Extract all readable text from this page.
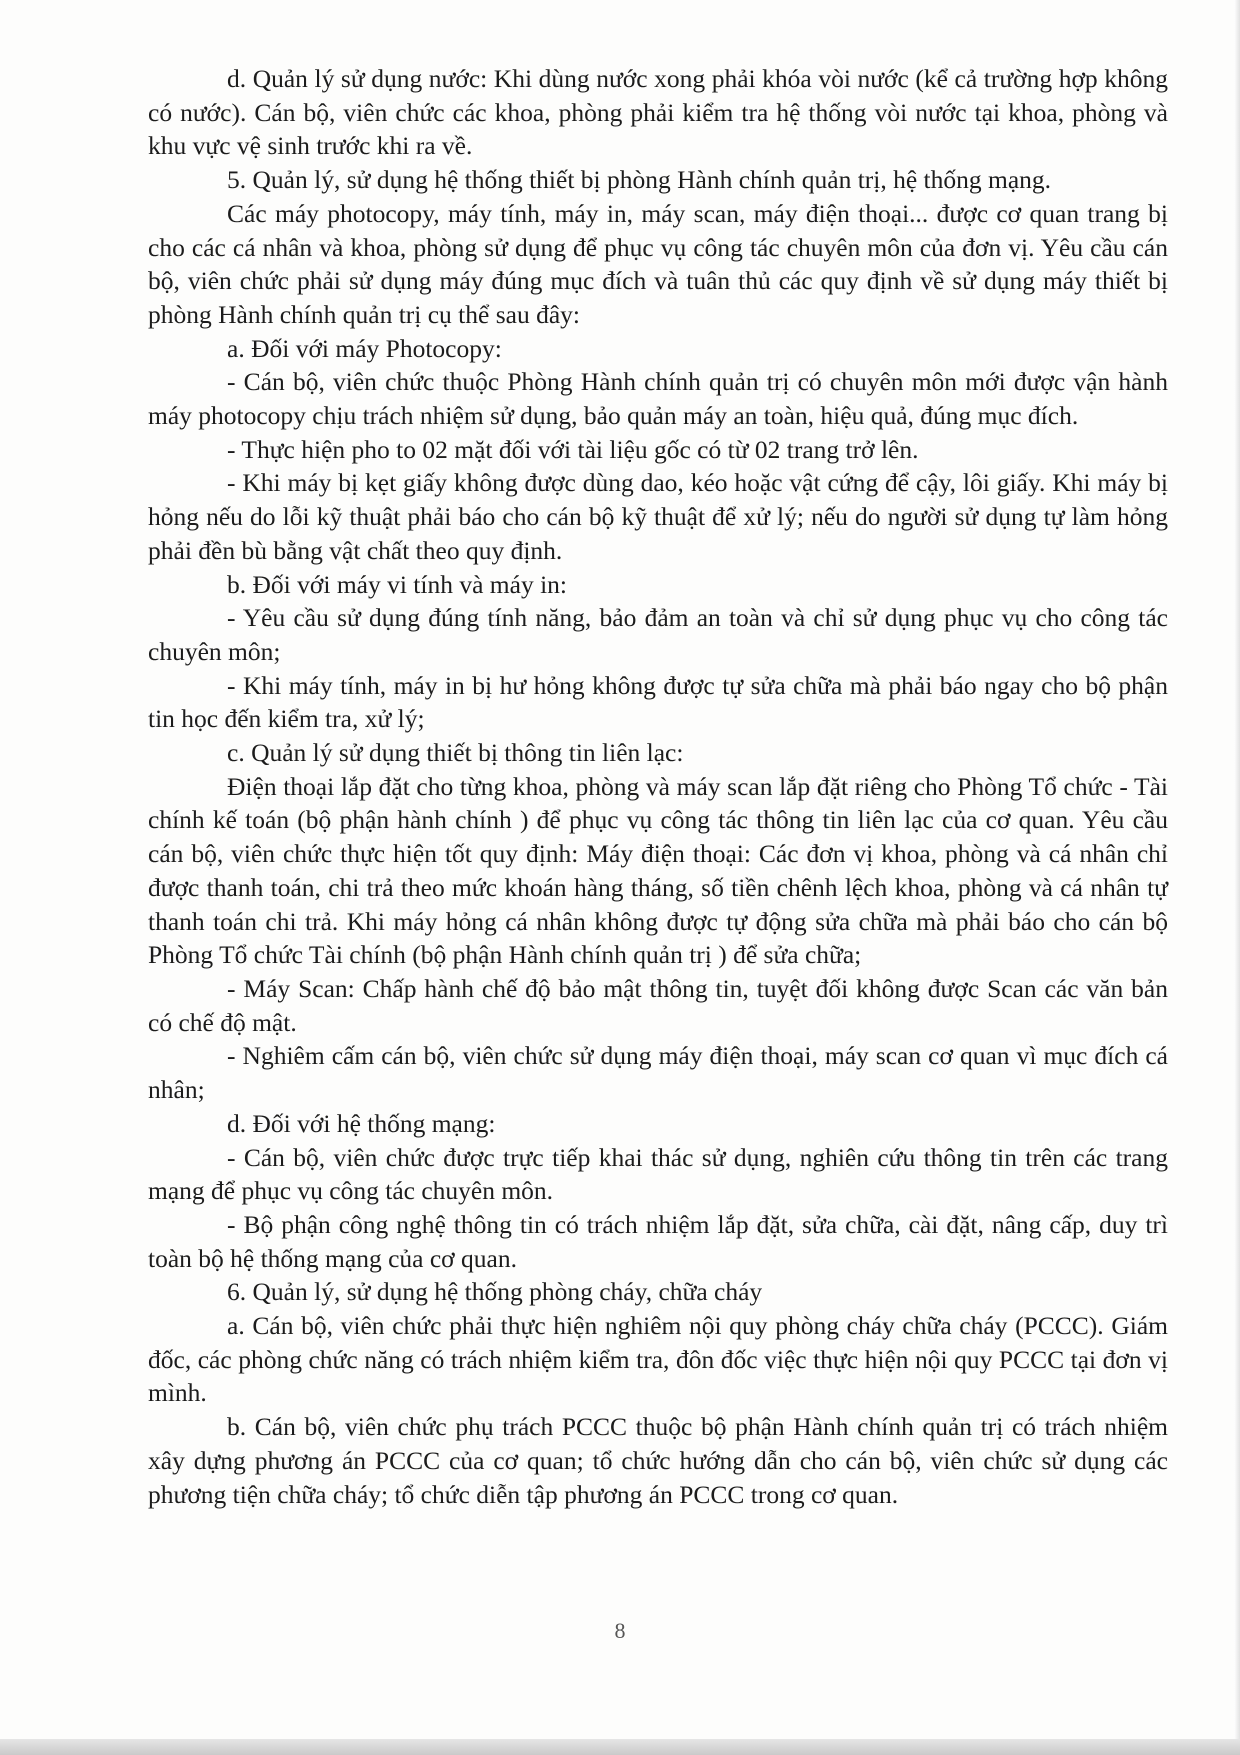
d. Quản lý sử dụng nước: Khi dùng nước xong phải khóa vòi nước (kể cả trường hợp không có nước). Cán bộ, viên chức các khoa, phòng phải kiểm tra hệ thống vòi nước tại khoa, phòng và khu vực vệ sinh trước khi ra về.

5. Quản lý, sử dụng hệ thống thiết bị phòng Hành chính quản trị, hệ thống mạng.

Các máy photocopy, máy tính, máy in, máy scan, máy điện thoại... được cơ quan trang bị cho các cá nhân và khoa, phòng sử dụng để phục vụ công tác chuyên môn của đơn vị. Yêu cầu cán bộ, viên chức phải sử dụng máy đúng mục đích và tuân thủ các quy định về sử dụng máy thiết bị phòng Hành chính quản trị cụ thể sau đây:

a. Đối với máy Photocopy:

- Cán bộ, viên chức thuộc Phòng Hành chính quản trị có chuyên môn mới được vận hành máy photocopy chịu trách nhiệm sử dụng, bảo quản máy an toàn, hiệu quả, đúng mục đích.

- Thực hiện pho to 02 mặt đối với tài liệu gốc có từ 02 trang trở lên.

- Khi máy bị kẹt giấy không được dùng dao, kéo hoặc vật cứng để cậy, lôi giấy. Khi máy bị hỏng nếu do lỗi kỹ thuật phải báo cho cán bộ kỹ thuật để xử lý; nếu do người sử dụng tự làm hỏng phải đền bù bằng vật chất theo quy định.

b. Đối với máy vi tính và máy in:

- Yêu cầu sử dụng đúng tính năng, bảo đảm an toàn và chỉ sử dụng phục vụ cho công tác chuyên môn;

- Khi máy tính, máy in bị hư hỏng không được tự sửa chữa mà phải báo ngay cho bộ phận tin học đến kiểm tra, xử lý;

c. Quản lý sử dụng thiết bị thông tin liên lạc:

Điện thoại lắp đặt cho từng khoa, phòng và máy scan lắp đặt riêng cho Phòng Tổ chức - Tài chính kế toán (bộ phận hành chính ) để phục vụ công tác thông tin liên lạc của cơ quan. Yêu cầu cán bộ, viên chức thực hiện tốt quy định: Máy điện thoại: Các đơn vị khoa, phòng và cá nhân chỉ được thanh toán, chi trả theo mức khoán hàng tháng, số tiền chênh lệch khoa, phòng và cá nhân tự thanh toán chi trả. Khi máy hỏng cá nhân không được tự động sửa chữa mà phải báo cho cán bộ Phòng Tổ chức Tài chính (bộ phận Hành chính quản trị ) để sửa chữa;

- Máy Scan: Chấp hành chế độ bảo mật thông tin, tuyệt đối không được Scan các văn bản có chế độ mật.

- Nghiêm cấm cán bộ, viên chức sử dụng máy điện thoại, máy scan cơ quan vì mục đích cá nhân;

d. Đối với hệ thống mạng:

- Cán bộ, viên chức được trực tiếp khai thác sử dụng, nghiên cứu thông tin trên các trang mạng để phục vụ công tác chuyên môn.

- Bộ phận công nghệ thông tin có trách nhiệm lắp đặt, sửa chữa, cài đặt, nâng cấp, duy trì toàn bộ hệ thống mạng của cơ quan.

6. Quản lý, sử dụng hệ thống phòng cháy, chữa cháy

a. Cán bộ, viên chức phải thực hiện nghiêm nội quy phòng cháy chữa cháy (PCCC). Giám đốc, các phòng chức năng có trách nhiệm kiểm tra, đôn đốc việc thực hiện nội quy PCCC tại đơn vị mình.

b. Cán bộ, viên chức phụ trách PCCC thuộc bộ phận Hành chính quản trị có trách nhiệm xây dựng phương án PCCC của cơ quan; tổ chức hướng dẫn cho cán bộ, viên chức sử dụng các phương tiện chữa cháy; tổ chức diễn tập phương án PCCC trong cơ quan.

8
